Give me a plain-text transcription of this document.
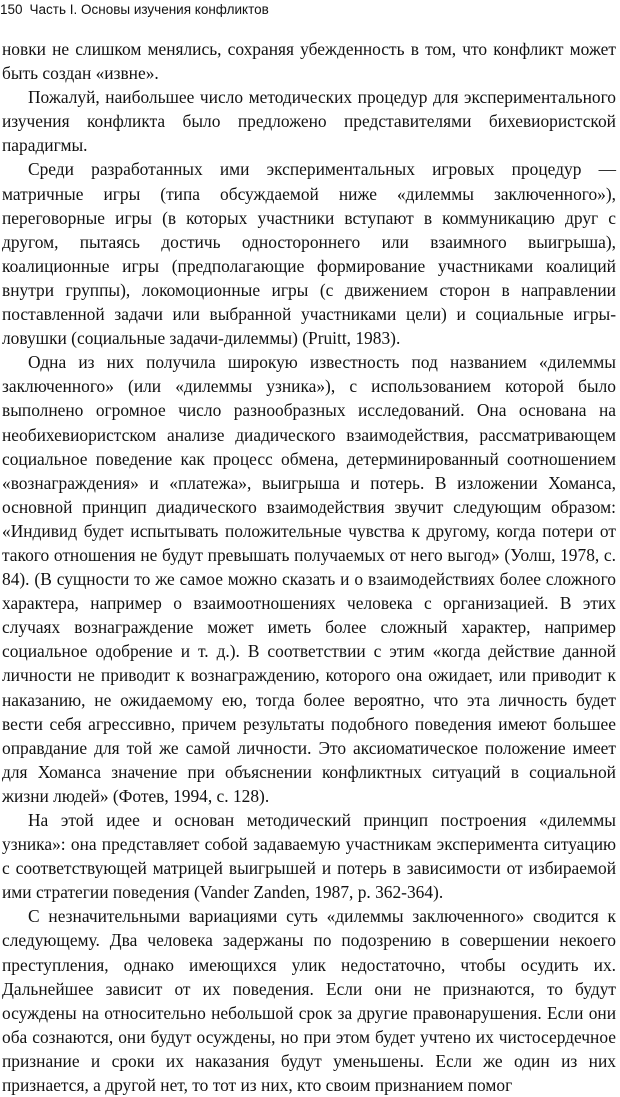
150 Часть I. Основы изучения конфликтов

новки не слишком менялись, сохраняя убежденность в том, что конфликт может быть создан «извне».

Пожалуй, наибольшее число методических процедур для экспериментального изучения конфликта было предложено представителями бихевиористской парадигмы.

Среди разработанных ими экспериментальных игровых процедур — матричные игры (типа обсуждаемой ниже «дилеммы заключенного»), переговорные игры (в которых участники вступают в коммуникацию друг с другом, пытаясь достичь одностороннего или взаимного выигрыша), коалиционные игры (предполагающие формирование участниками коалиций внутри группы), локомоционные игры (с движением сторон в направлении поставленной задачи или выбранной участниками цели) и социальные игры-ловушки (социальные задачи-дилеммы) (Pruitt, 1983).

Одна из них получила широкую известность под названием «дилеммы заключенного» (или «дилеммы узника»), с использованием которой было выполнено огромное число разнообразных исследований. Она основана на необихевиористском анализе диадического взаимодействия, рассматривающем социальное поведение как процесс обмена, детерминированный соотношением «вознаграждения» и «платежа», выигрыша и потерь. В изложении Хоманса, основной принцип диадического взаимодействия звучит следующим образом: «Индивид будет испытывать положительные чувства к другому, когда потери от такого отношения не будут превышать получаемых от него выгод» (Уолш, 1978, с. 84). (В сущности то же самое можно сказать и о взаимодействиях более сложного характера, например о взаимоотношениях человека с организацией. В этих случаях вознаграждение может иметь более сложный характер, например социальное одобрение и т. д.). В соответствии с этим «когда действие данной личности не приводит к вознаграждению, которого она ожидает, или приводит к наказанию, не ожидаемому ею, тогда более вероятно, что эта личность будет вести себя агрессивно, причем результаты подобного поведения имеют большее оправдание для той же самой личности. Это аксиоматическое положение имеет для Хоманса значение при объяснении конфликтных ситуаций в социальной жизни людей» (Фотев, 1994, с. 128).

На этой идее и основан методический принцип построения «дилеммы узника»: она представляет собой задаваемую участникам эксперимента ситуацию с соответствующей матрицей выигрышей и потерь в зависимости от избираемой ими стратегии поведения (Vander Zanden, 1987, p. 362-364).

С незначительными вариациями суть «дилеммы заключенного» сводится к следующему. Два человека задержаны по подозрению в совершении некоего преступления, однако имеющихся улик недостаточно, чтобы осудить их. Дальнейшее зависит от их поведения. Если они не признаются, то будут осуждены на относительно небольшой срок за другие правонарушения. Если они оба сознаются, они будут осуждены, но при этом будет учтено их чистосердечное признание и сроки их наказания будут уменьшены. Если же один из них признается, а другой нет, то тот из них, кто своим признанием помог
